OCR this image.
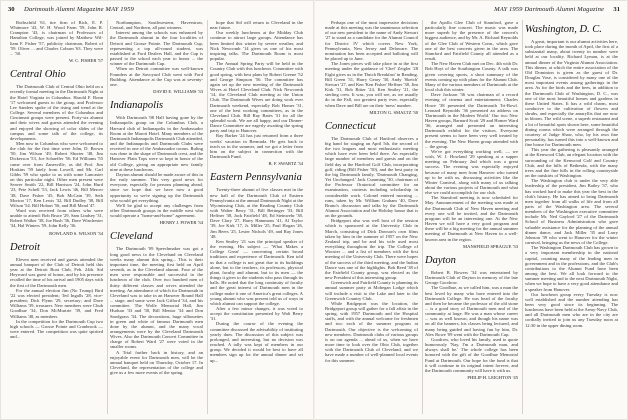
30 Dartmouth Alumni Magazine MAY 1959
Rothschild '61, tire firm of Rich, E. P. Whitmore '43, W. H. Wood Farm '59, John R. Crampton '43, is chairman of Professors of Hamilton College, was joined by Matthew Wil-liam F. Fisher '57, publicity chairman, Robert of '59. Oliver ... and Charles Coburn '63. They were ... '30.
W. C. FISHER '57
Central Ohio
The Dartmouth Club of Central Ohio held on a recently formal meeting in the Dartmouth Night at the Hotel Virginia in Columbus. Harold F. Bonn '17 welcomed guests to the group, and Professor Lee Sanders spoke of the rising and trend at the College. Several members of the Columbus and Cincinnati groups were present. Forty-six alumni and their wives and guests attended the evening and enjoyed the showing of color slides of the campus and some talk of the college, its developments.
Men now in Columbus who were welcomed to the club for the first time were John, D. Brown '50, Jim Wilson '49, Robert Shorter '48, Jim Dickerson '53, Joe Schaeffer '56. Ed Williams '55 came over from Zanesville, as did Prof. Jim Hoskins '59 lately from Lowell, and Mr. Carl Gibbs '59 who spoke to us with some Lancaster on this particular night. Other men present were Seaver Smith '22, Bill Harrison '24, John Hurd '23, Pete Schell '53, Jack Lewis '46, Bill Mercer '38, Dave Fisher '45, Bob McCain '39, Seth Morton '17, Ken Lewis '32, Bill Dudley '38, Bill Wilson '54. Bill Hobart '56, and Bill Mead '47.
Ward was received from others who were unable to attend: Bob Bruce '29, Sam Lindsey '31, Robert Walker '38, Joe Bush '36, Dave Winchester '34, Hal Winters '59, John Kelly '36.
ROWLAND S. WILSON '34
Detroit
Eleven men received and guests attended the annual banquet of the Club of Detroit held this year at the Detroit Boat Club, Feb. 24th. Sid Heyward was guest of honor, and by his presence recalled the time of his arrival and 1905 days with the first of the Dartmouth men.
For the annual election Jim (No Trump) Bird '22 was elected president; Ted Ingalls '28, vice-president; Dick Flynn '29, secretary; and Dave Williams '39, treasurer. New members were Chub Goodhue '34, Don McMurtrie '39, and Fred Williams '48, as members.
In the competition for the Dartmouth Cup two high schools — Grosse Pointe and Cranbrook — were entered. The competition was quite spirited and...
Northampton, Southwestern, Haverstraw, Central, and Northern, all past winners.
Interest among the schools was enhanced by the Dartmouth alumni in the four localities of Detroit and Grosse Pointe. The Dartmouth Cup, representing a top all-round student, was established at Ford Dealers Hall, and the Cup is passed to the school each year to honor ... the winner of the Dartmouth Cup.
When on Detroit committee was well-known Founders at the Savoyard Club went with Ford Building. Attendance at the Cup was at seventy-one.
DAVID E. WILLIAMS '33
Indianapolis
With Dartmouth '08 Hall having gone by the Indianapolis group on the Columbus Club, a Harvard club of Indianapolis in the Ambassador Room at the Marott Hotel. Many members of the Dartmouth Indianapolis Dartmouth Club attended, and the Indianapolis and Dartmouth Clubs were received in one of the Ambassador rooms. Ruling was done in the shape of Dartmouth crest, and the Hanover Plain Tops were so kept in honor of the old College, giving an appropriate new family nine at these luncheons.
Dayton alumni should be made aware of this in the early summer. This very good news for everyone, especially for persons planning ahead, since we hope that we have now a good opportunity so we're signing up the Dartmouth who would get everything.
We'll be glad to accept any challenges from other Dartmouth groups in the middle west who would operate a "home-and-home" agreement.
HENRY J. POWER '34
Cleveland
The Dartmouth '09 Speechmaker was got a long good news to the Cleveland on Cleveland weeks many alumni this spring... This is their important time, the meeting first held on April seventh, as in the Cleveland alumni. Four of the men were responsible and successful in the luncheon of the club. Over two hundred men of thirty different classes and wives attended the meeting. An attendance of which for Dartmouth in Cleveland was to take in an Hanover Round Hall ... stage, and some were Jack Gifford '34, and his committee. The Wolfe Memorial Hall, Jim Hudson '33 and '30, Bill Mentor '34 and Don Snodgrass '34. The decorations, huge silhouettes in green and white of famous Dartmouth men done by the alumni, and the many vocal arrangements were by the Cleveland Dartmouth Wives. Also the Dartmouth Concert Committee in charge of Robert Ward '27 were voted in the smaller rooms.
A Trial farther back in history, and an enjoyable event for Dartmouth men, will be the annual banquet held on Thursday, October 17. In Cleveland, the representation of the college and give us a few more events of the spring.
hope that Sid will return to Cleveland in the near future.
Our weekly luncheons at the Midday Club continue to attract large groups. Attendance has been limited this winter by severe weather, and Nick Newcomb '14 gives us one of his most inspiring talks. The Dartmouth Room is most popular.
The Annual Spring Party will be held in the Country Club with this luncheon. Committee with good spring, with best plans by Robert Greene '52 and George Simpson '56. The committee has again set up the new meeting of the Dartmouth Wives at Hotel Cleveland Club. Nick Newcomb '14, the Cleveland Club meeting at the Union Club. The Dartmouth Wives are doing work ever Dartmouth weekend, especially Bob Homer '31, one of the best working committees, as in the Cleveland Club. Bill Ray Bates '31 for all the splendid work. We are all happy, and our Dinner-Dance Committee are eagerly awaiting the spring party and trip to Hanover.
Ray Barker '24 has just returned from a three weeks' vacation in Bermuda. He gets back to teach us in the summer, and we got a letter from him on the subject in connection with the Dartmouth Fund.
B. F. SWARTZ '34
Eastern Pennsylvania
Twenty-three alumni of five classes met in the new hall of the Dartmouth Club of Eastern Pennsylvania at the annual Dartmouth Night at the Wyomissing Club, at the Reading Country Club with Walter Berry '31, Bill Bettinger '33, Bill Heffner '38, Jack Fairfield '48, Ed Steinwehr '38, Dave Clary '27, Harry Hammons '41, Al Taylor '39, Joe Kirk '17, Jr. Miller '25, Paul Hogan '26, Jim Beers '25, Lester Nichols '49, and Ray Jones '48.
Ken Smiley '21 was the principal speaker of the evening. His subject — 'What Makes a College Great' — concerning certain broad traditions and experience of Dartmouth. Ken told us that a college is not great due to its buildings alone, but to the teachers, its professors, physical plant, faculty and alumni, but to its men — the things it gives to the students who pass through its halls. He noted that the long continuity of faculty and the great interest of Dartmouth men in the college make it one of America's great colleges. A young alumni who was present told us of ways in which alumni can support the college.
After a few minor changes, it was voted to accept the constitution presented by Walt Berry '31.
During the course of the evening the committee discussed the advisability of instituting yearly dues. The discussion of this subject was prolonged, and interesting, but no decision was reached. A tally was kept of members in our group. We decided it would be best to have all members sign up for the annual dinner and set up...
MAY 1959 Dartmouth Alumni Magazine 31
Perhaps one of the most impressive decisions made at this meeting was the unanimous selection of our new president to the name of Andy Stewart '27 to stand as a candidate for the Alumni Council for District IV which covers New York, Pennsylvania, New Jersey and Delaware. The nomination has been accepted and balloting will be placed up to June.
The Jones pieces will take place in at the first meeting under the guidance of 'Chef' Zeigler '28 Eight gives us in the 'Dutch Breakfast' in Reading. Bill Green '31, Harry Geary '30, Andy 'Sketch' Stewart '27, and Ken 'Ken Fisher' Heffner '38, Jim Kirk '31, Bob Ritter '24, Ken Smiley '21, the sterling crew. It was, you will see, as we usually do in the Fall, our greatest party ever, especially when Dave and Bill are on their 'mess' number.
MILTON G. SMALTZ '30
Connecticut
The Dartmouth Club of Hartford observes a big hand for staging an April 5th, the second of the two leagues and most enthusiastic meeting which have ever been held there. An especially large number of members and guests and on the field day at the Hartford Golf Club, incorporating golf, riding (Bill Fisher '50), and the best party in the big Dartmouth family, 'Dartmouth Changing, Yet Unchanged.' Jack Cumming '30, chairman of the Professor Oratorical committee for an examination, contests including scholarship in considerable work. Colonel entered morning ... runs, taken by Mr. William Graham '40, Dave Bruno's discussion and talks by the Dartmouth Alumni Association and the Holiday house that is on the grounds.
Bridgeport also was well host of the session which is sponsored at the University Club in March, consisting of Dick Dawson's own films taken by him in the summer of 1957 on the New Zealand trip, and he and his wife used most everything throughout the trip. The College of Wooster ... and a list of members with the first meeting of the University Club. There were hopes of the success of the third meeting, and the Indian Dance was one of the highlights. Bob Reed '38 of the Fairfield County group, was elected as the new President of this interesting group.
Greenwich and Fairfield County is planning its annual summer party at Mohegan Lodge which will include a visit to the Lake and later to the Greenwich Country Club.
While Bridgeport was the location, the Bridgeport group will gather for a fall affair in the spring, with 1957 Dartmouth and the Hospital staffs, and with the annual welcome for freshmen and two each of the summer program at Dartmouth. Our objective is the welcoming of new members. Dartmouth clubs of various groups is on our agenda ... ahead of us, when we have more time to look over the Ohio Club, together with the Dartmouth Club of Cleveland, and we have made a number of well-planned local events for this summer.
the Apollo Glee Club of Stamford, gave a particularly fine concert. The music was made more superb by the presence of the concert's biggest audience, and by Mr. A. Richard Reynolds of the Glee Club of Western Conn., which gave one of the best concerts given in the area. The Stamford and Fairfield County all attended as a result.
The New Haven Club met on Dec. 4th with Dr. Bob Hoyt of the Southington County. A talk was given covering sports, a short summary of the events coming up with plans for the Alumni Club. Many of the various members of Dartmouth at the local club this winter.
Dave Jackson '36 was chairman of a record evening of cinema and entertainment; Charles Howe '38 presented the Dartmouth Tri-Bowl. Leonard Reynolds '36 presented an address on 'Dartmouth in the Modern World.' Our two New Haven groups, Barnard Scott '29 and Homer Ward '36, arranged and presented an interesting Dartmouth exhibit for the visitors. Everyone present seems to have been very well treated by the evening. The New Haven group attended with ... the group.
We've got everything working well, — we wish, W. J. Howland '29 speaking at a supper meeting on February 2nd which was a great success. The evening was especially enjoyed because of many men from Hanover who turned up to be with us, discussing activities like the Winter Carnival, along with many of us talking about the various projects of Dartmouth and what else we could accomplish for our club.
The Stamford meeting is now scheduled for May. Announcement of the meeting was made at the Dartmouth Club of New Haven meeting and every one will be invited, and the Dartmouth program will be an interesting one. At the New Haven we will have a very good program and there will be a big meeting for the annual summer meeting of Dartmouth at New Haven in a well-known area in the region.
MANSFIELD SPRAGUE '33
Dayton
Robert B. Bowers '34 was entertained by Dartmouth Club of Dayton in memory of the late George Goodrow.
The Goodhue, as we called him, was a man the best loved by many who have entered into the Dartmouth College. He was head of the faculty and then he became the professor of the old stone ... is a good story of Dartmouth men and of the community at large. He was a man whose career ... was as well known, and though his name was on all the banners, his classes being lectured, and many being guided and having fun by him, Dr. Alex Rowe '09 went with the Dartmouth Cup.
Goodrow, who loved his family, used to quote humorously 'Nay, I'm a Dartmouth man, and always shall be.' The whole college has been honored with the gift of the Goodhue Memorial Fund at Dartmouth. Our hope for the fund is that it will continue in its original intent forever, and the Dartmouth community will have it with us.
PHILIP H. LEIGHTON '45
Washington, D. C.
A great, important is our alumni activities here, took place during the month of April, the first of a substantial many, about twenty in number were held at our locality. Richard Lyman, is at the annual dinner of the Virginia Alumni Association. This dinner, at which the entire association of the Old Dominion is given as the guest of Dr. Douglas Vose, is considered by many one of the most important events among gatherings in the area. As for the birds and the bees, in addition to the Dartmouth Club of Washington, D. C., was one of the most beautiful homes and gardens in these United States. It has a wild charm, most conducive to the cultivation of flowers and shrubs, and especially the amaryllis that are now in bloom. The wild scene, a superb restaurant and a lot of beautiful spots shown here, some beautiful dining rooms which were arranged through the courtesy of Judge Shaw, who, by his own fine personality, has turned this into a well-known and fine house for Dartmouth men.
This year the gathering is pleasantly arranged at the Kenwood Club, an elegant location with the surrounding of the Kenwood Golf and Country Club, and the hills of Bethesda, with the many trees and the fine hills in the rolling countryside on the outskirts of Washington.
The Washington club is under the very able leadership of the president, Jim Bailey '37, who has worked hard to make this year the best in the club's history. He has aimed to bring Dartmouth men together from all walks of life and from all parts of the Washington area. The several members of the Washington executive committee include Mr. Ned Gaylord '27 of the Dartmouth School of Business Administration who gave valuable assistance for the planning of the annual dinner dance, and Jack Miller '35 and Larry Johnson '39 who went to Hanover for the winter carnival, bringing us the news of the College.
The Washington Dartmouth Club has grown to a very important membership in the national capital, counting many of the leading men in government and in the professions, and the Club's contributions to the Alumni Fund have been among the best. We all look forward to the summer meeting and to the next Dartmouth Night, when we hope to have a very good attendance and a speaker from Hanover.
Our luncheon group every Tuesday is now well established and the number attending has been very good since its beginning. The luncheons have been held at the Army-Navy Club, and all Dartmouth men who are in the city are cordially invited to join us any Tuesday noon at 12:30 in the upper dining room.
